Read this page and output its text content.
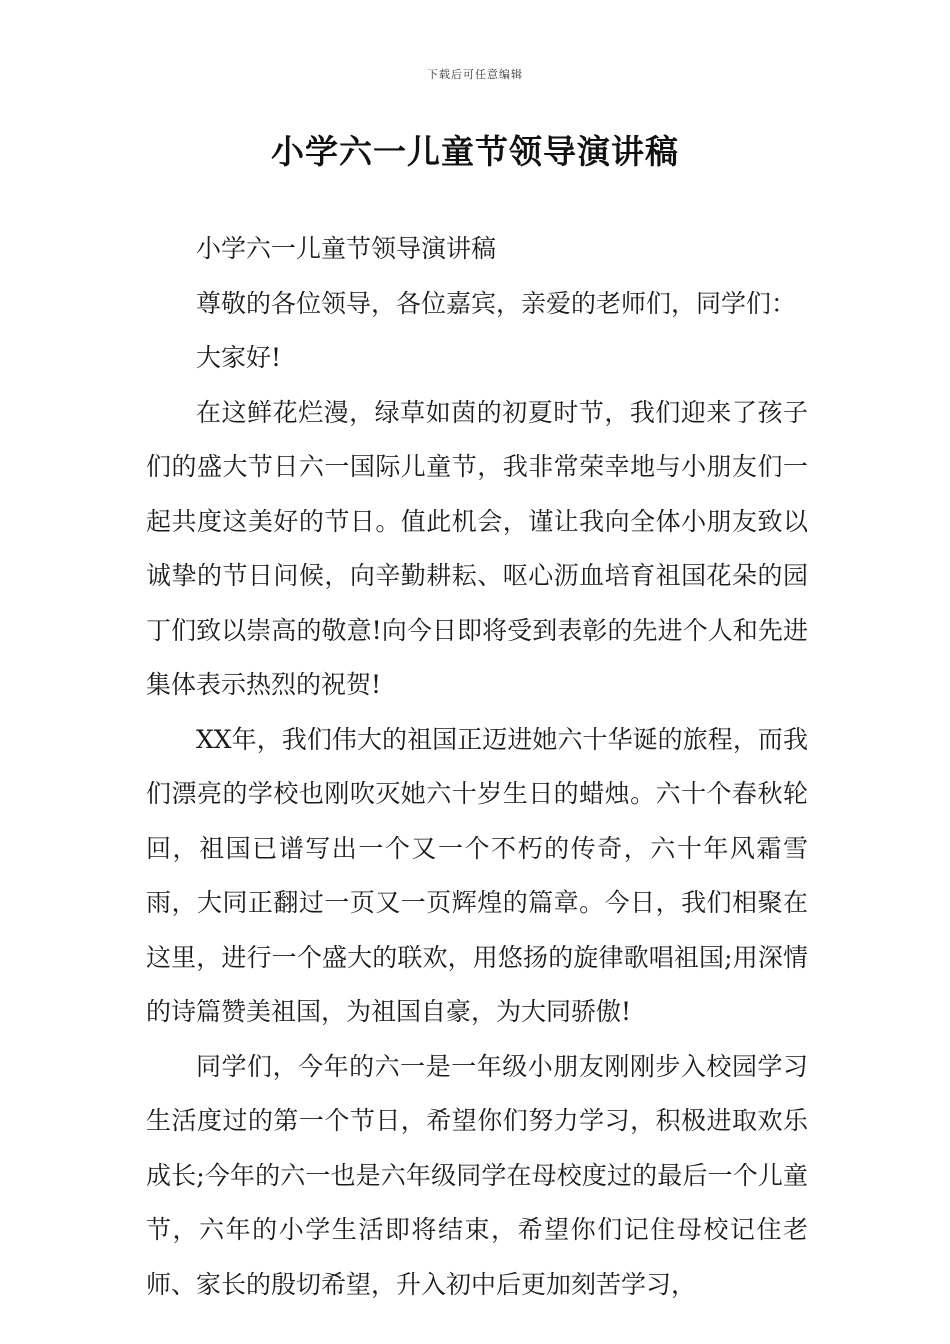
下载后可任意编辑
小学六一儿童节领导演讲稿

小学六一儿童节领导演讲稿

尊敬的各位领导，各位嘉宾，亲爱的老师们，同学们：

大家好!

在这鲜花烂漫，绿草如茵的初夏时节，我们迎来了孩子们的盛大节日六一国际儿童节，我非常荣幸地与小朋友们一起共度这美好的节日。值此机会，谨让我向全体小朋友致以诚挚的节日问候，向辛勤耕耘、呕心沥血培育祖国花朵的园丁们致以崇高的敬意!向今日即将受到表彰的先进个人和先进集体表示热烈的祝贺!

XX年，我们伟大的祖国正迈进她六十华诞的旅程，而我们漂亮的学校也刚吹灭她六十岁生日的蜡烛。六十个春秋轮回，祖国已谱写出一个又一个不朽的传奇，六十年风霜雪雨，大同正翻过一页又一页辉煌的篇章。今日，我们相聚在这里，进行一个盛大的联欢，用悠扬的旋律歌唱祖国;用深情的诗篇赞美祖国，为祖国自豪，为大同骄傲!

同学们，今年的六一是一年级小朋友刚刚步入校园学习生活度过的第一个节日，希望你们努力学习，积极进取欢乐成长;今年的六一也是六年级同学在母校度过的最后一个儿童节，六年的小学生活即将结束，希望你们记住母校记住老师、家长的殷切希望，升入初中后更加刻苦学习，
